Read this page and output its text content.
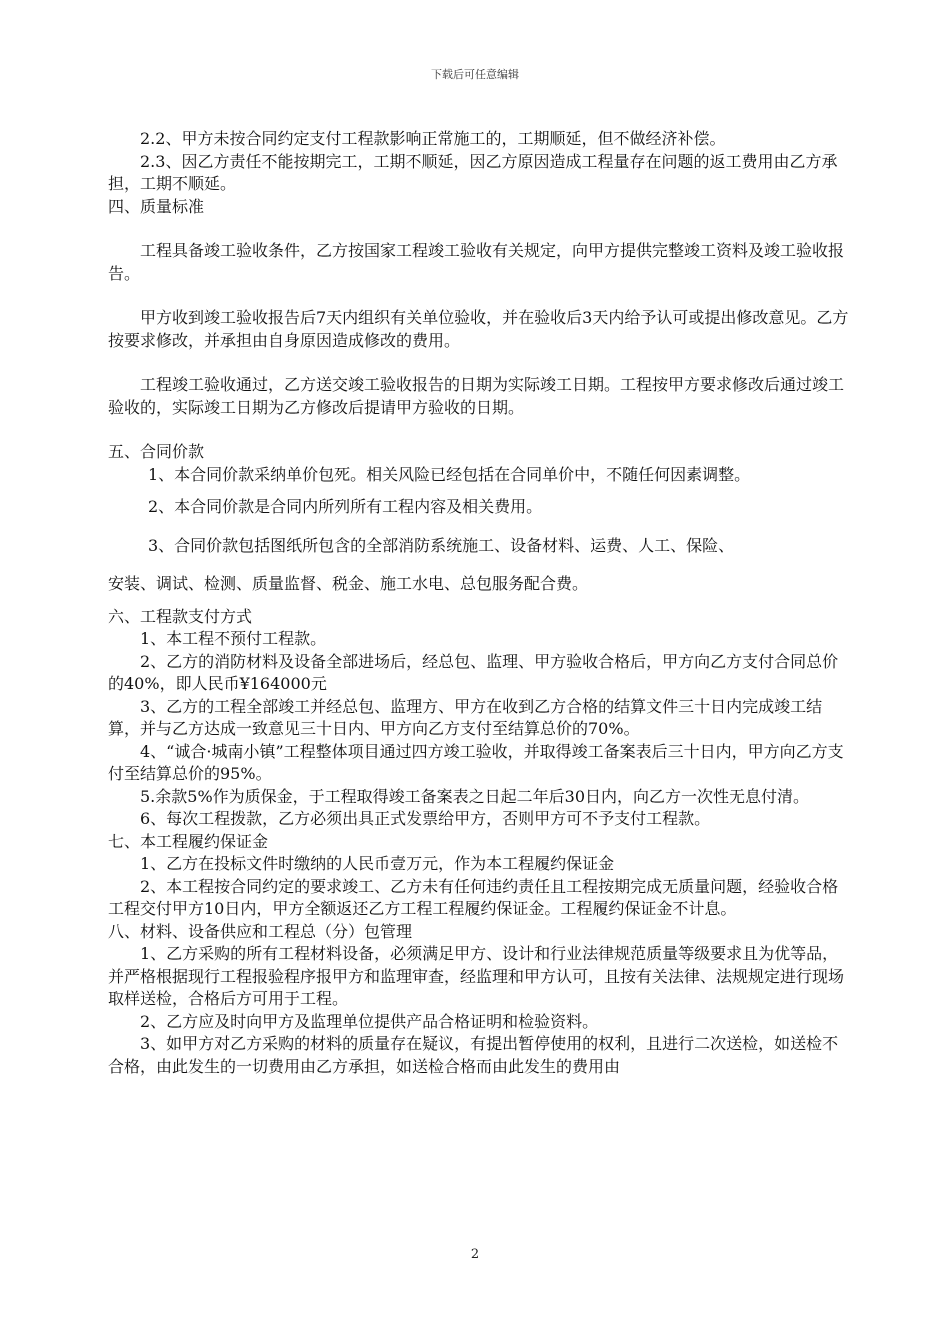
下载后可任意编辑

2.2、甲方未按合同约定支付工程款影响正常施工的，工期顺延，但不做经济补偿。

2.3、因乙方责任不能按期完工，工期不顺延，因乙方原因造成工程量存在问题的返工费用由乙方承担，工期不顺延。

四、质量标准

工程具备竣工验收条件，乙方按国家工程竣工验收有关规定，向甲方提供完整竣工资料及竣工验收报告。

甲方收到竣工验收报告后7天内组织有关单位验收，并在验收后3天内给予认可或提出修改意见。乙方按要求修改，并承担由自身原因造成修改的费用。

工程竣工验收通过，乙方送交竣工验收报告的日期为实际竣工日期。工程按甲方要求修改后通过竣工验收的，实际竣工日期为乙方修改后提请甲方验收的日期。

五、合同价款

1、本合同价款采纳单价包死。相关风险已经包括在合同单价中，不随任何因素调整。

2、本合同价款是合同内所列所有工程内容及相关费用。

3、合同价款包括图纸所包含的全部消防系统施工、设备材料、运费、人工、保险、

安装、调试、检测、质量监督、税金、施工水电、总包服务配合费。

六、工程款支付方式

1、本工程不预付工程款。

2、乙方的消防材料及设备全部进场后，经总包、监理、甲方验收合格后，甲方向乙方支付合同总价的40%，即人民币¥164000元

3、乙方的工程全部竣工并经总包、监理方、甲方在收到乙方合格的结算文件三十日内完成竣工结算，并与乙方达成一致意见三十日内、甲方向乙方支付至结算总价的70%。

4、“诚合·城南小镇”工程整体项目通过四方竣工验收，并取得竣工备案表后三十日内，甲方向乙方支付至结算总价的95%。

5.余款5%作为质保金，于工程取得竣工备案表之日起二年后30日内，向乙方一次性无息付清。

6、每次工程拨款，乙方必须出具正式发票给甲方，否则甲方可不予支付工程款。

七、本工程履约保证金

1、乙方在投标文件时缴纳的人民币壹万元，作为本工程履约保证金

2、本工程按合同约定的要求竣工、乙方未有任何违约责任且工程按期完成无质量问题，经验收合格工程交付甲方10日内，甲方全额返还乙方工程工程履约保证金。工程履约保证金不计息。

八、材料、设备供应和工程总（分）包管理

1、乙方采购的所有工程材料设备，必须满足甲方、设计和行业法律规范质量等级要求且为优等品，并严格根据现行工程报验程序报甲方和监理审查，经监理和甲方认可，且按有关法律、法规规定进行现场取样送检，合格后方可用于工程。

2、乙方应及时向甲方及监理单位提供产品合格证明和检验资料。

3、如甲方对乙方采购的材料的质量存在疑议，有提出暂停使用的权利，且进行二次送检，如送检不合格，由此发生的一切费用由乙方承担，如送检合格而由此发生的费用由

2
